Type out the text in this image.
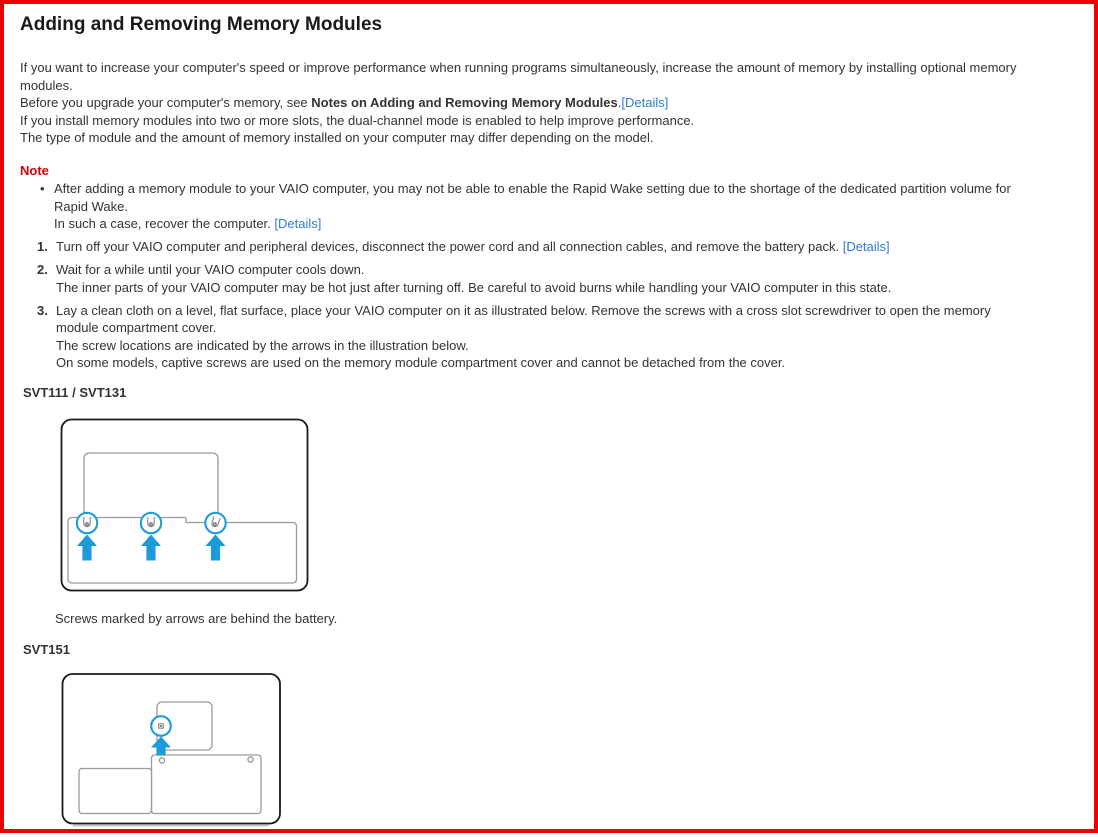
Adding and Removing Memory Modules
If you want to increase your computer's speed or improve performance when running programs simultaneously, increase the amount of memory by installing optional memory
modules.
Before you upgrade your computer's memory, see Notes on Adding and Removing Memory Modules.[Details]
If you install memory modules into two or more slots, the dual-channel mode is enabled to help improve performance.
The type of module and the amount of memory installed on your computer may differ depending on the model.
Note
• After adding a memory module to your VAIO computer, you may not be able to enable the Rapid Wake setting due to the shortage of the dedicated partition volume for
Rapid Wake.
In such a case, recover the computer. [Details]
1. Turn off your VAIO computer and peripheral devices, disconnect the power cord and all connection cables, and remove the battery pack. [Details]
2. Wait for a while until your VAIO computer cools down.
The inner parts of your VAIO computer may be hot just after turning off. Be careful to avoid burns while handling your VAIO computer in this state.
3. Lay a clean cloth on a level, flat surface, place your VAIO computer on it as illustrated below. Remove the screws with a cross slot screwdriver to open the memory
module compartment cover.
The screw locations are indicated by the arrows in the illustration below.
On some models, captive screws are used on the memory module compartment cover and cannot be detached from the cover.
SVT111 / SVT131
Screws marked by arrows are behind the battery.
SVT151
